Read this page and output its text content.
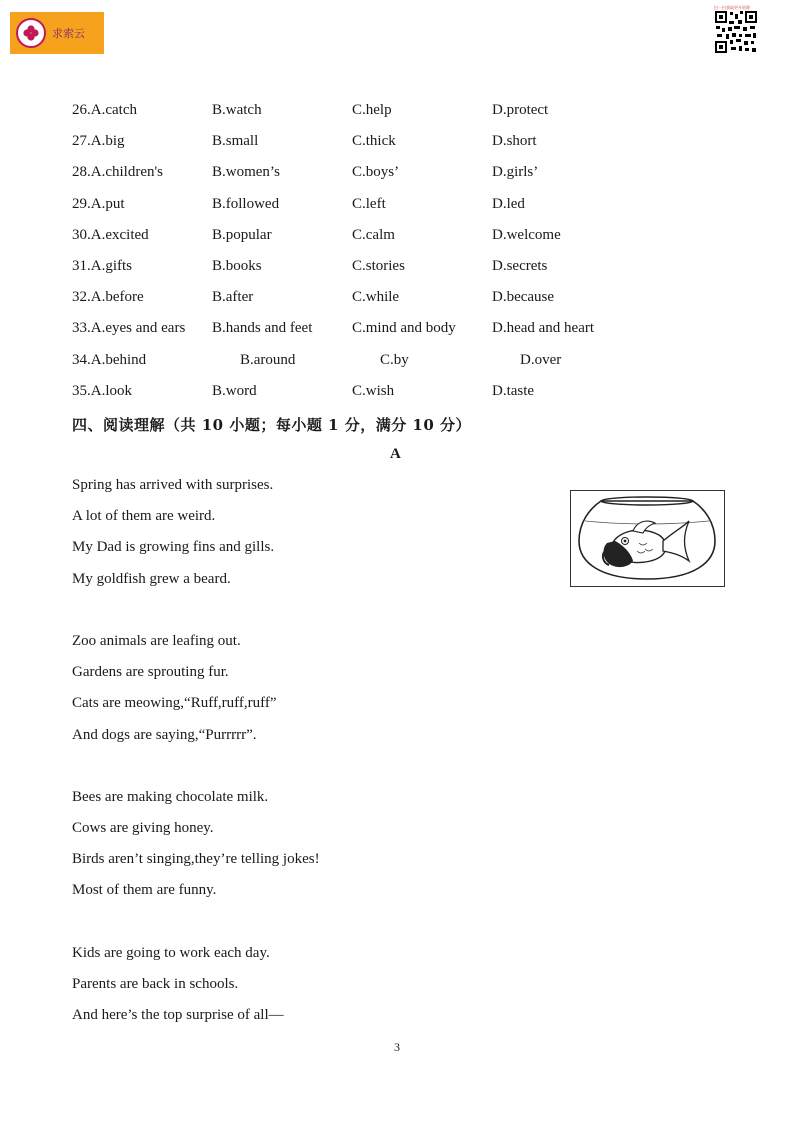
求索云
扫一扫获取更多资源
26.A.catch	B.watch	C.help	D.protect
27.A.big	B.small	C.thick	D.short
28.A.children's	B.women’s	C.boys’	D.girls’
29.A.put	B.followed	C.left	D.led
30.A.excited	B.popular	C.calm	D.welcome
31.A.gifts	B.books	C.stories	D.secrets
32.A.before	B.after	C.while	D.because
33.A.eyes and ears B.hands and feet	C.mind and body D.head and heart
34.A.behind	B.around	C.by	D.over
35.A.look	B.word	C.wish	D.taste
四、阅读理解（共 10 小题；每小题 1 分，满分 10 分）
A
Spring has arrived with surprises.
A lot of them are weird.
My Dad is growing fins and gills.
My goldfish grew a beard.
Zoo animals are leafing out.
Gardens are sprouting fur.
Cats are meowing,“Ruff,ruff,ruff”
And dogs are saying,“Purrrrr”.
Bees are making chocolate milk.
Cows are giving honey.
Birds aren’t singing,they’re telling jokes!
Most of them are funny.
Kids are going to work each day.
Parents are back in schools.
And here’s the top surprise of all—
3
